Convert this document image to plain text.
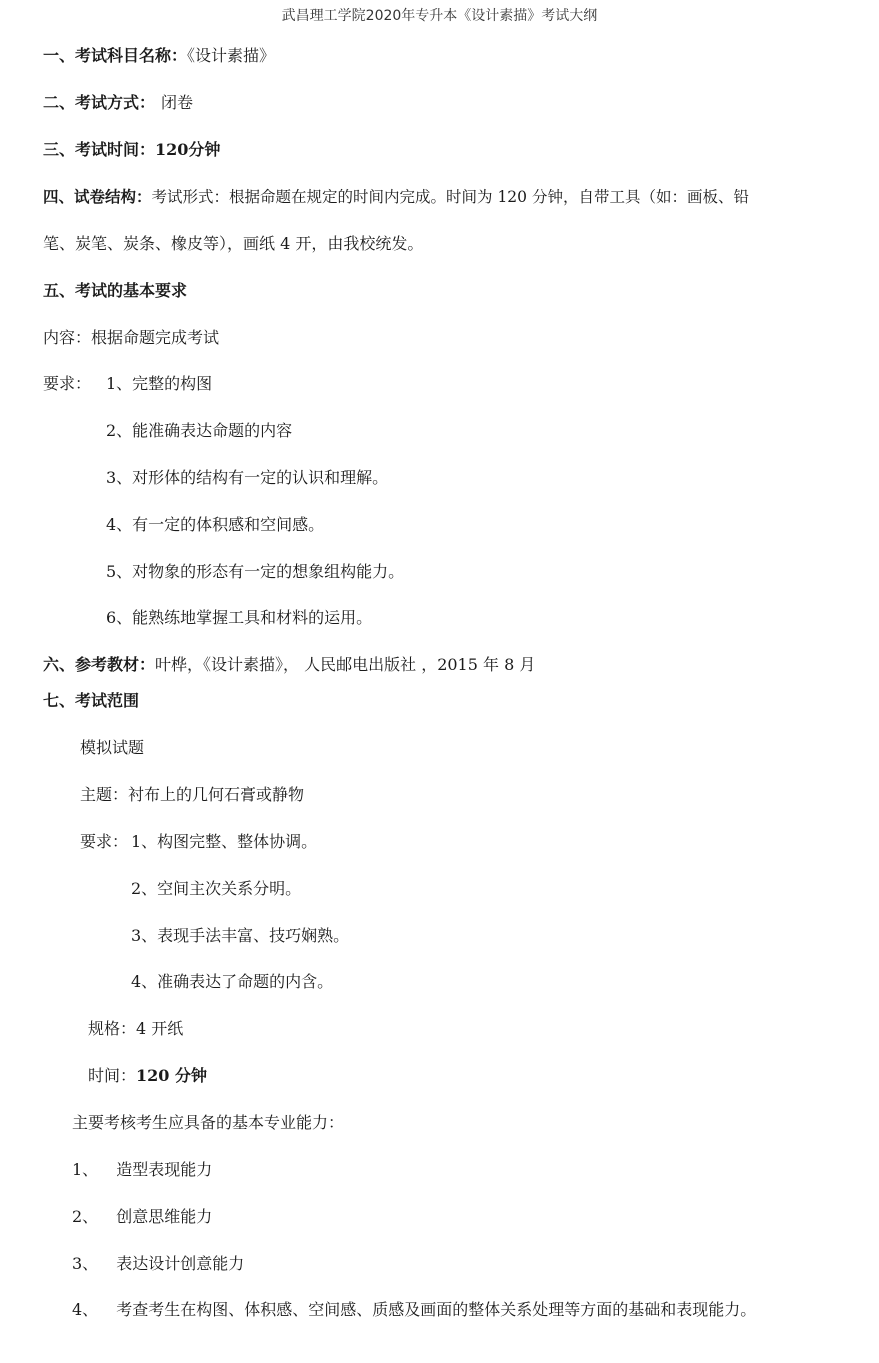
武昌理工学院2020年专升本《设计素描》考试大纲
一、考试科目名称：《设计素描》
二、考试方式： 闭卷
三、考试时间：120分钟
四、试卷结构：考试形式：根据命题在规定的时间内完成。时间为 120 分钟，自带工具（如：画板、铅
笔、炭笔、炭条、橡皮等），画纸 4 开，由我校统发。
五、考试的基本要求
内容：根据命题完成考试
要求： 1、完整的构图
2、能准确表达命题的内容
3、对形体的结构有一定的认识和理解。
4、有一定的体积感和空间感。
5、对物象的形态有一定的想象组构能力。
6、能熟练地掌握工具和材料的运用。
六、参考教材：叶桦，《设计素描》， 人民邮电出版社 ，2015 年 8 月
七、考试范围
模拟试题
主题：衬布上的几何石膏或静物
要求： 1、构图完整、整体协调。
2、空间主次关系分明。
3、表现手法丰富、技巧娴熟。
4、准确表达了命题的内含。
规格：4 开纸
时间：120 分钟
主要考核考生应具备的基本专业能力：
1、 造型表现能力
2、 创意思维能力
3、 表达设计创意能力
4、 考查考生在构图、体积感、空间感、质感及画面的整体关系处理等方面的基础和表现能力。
